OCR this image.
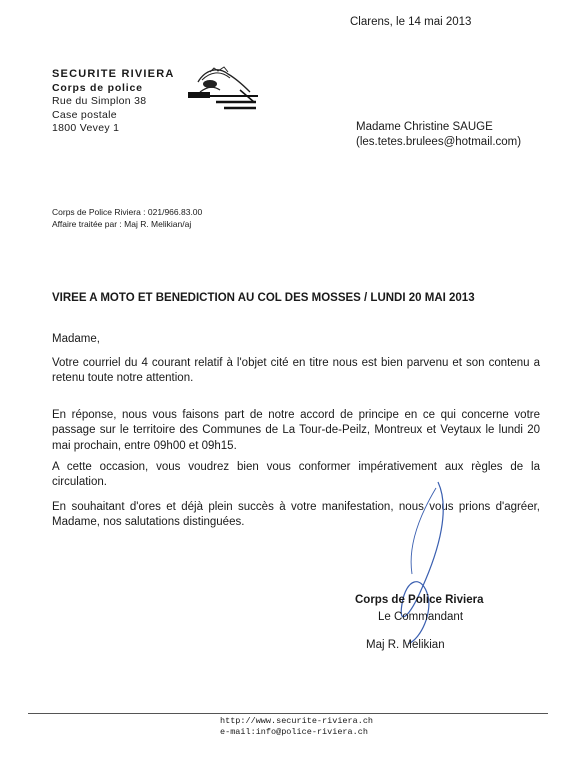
Clarens, le 14 mai 2013
SECURITE RIVIERA
Corps de police
Rue du Simplon 38
Case postale
1800 Vevey 1	Madame Christine SAUGE
(les.tetes.brulees@hotmail.com)
Corps de Police Riviera : 021/966.83.00
Affaire traitée par : Maj R. Melikian/aj
VIREE A MOTO ET BENEDICTION AU COL DES MOSSES / LUNDI 20 MAI 2013

Madame,

Votre courriel du 4 courant relatif à l'objet cité en titre nous est bien parvenu et son contenu a retenu toute notre attention.

En réponse, nous vous faisons part de notre accord de principe en ce qui concerne votre passage sur le territoire des Communes de La Tour-de-Peilz, Montreux et Veytaux le lundi 20 mai prochain, entre 09h00 et 09h15.

A cette occasion, vous voudrez bien vous conformer impérativement aux règles de la circulation.

En souhaitant d'ores et déjà plein succès à votre manifestation, nous vous prions d'agréer, Madame, nos salutations distinguées.

Corps de Police Riviera
Le Commandant
Maj R. Melikian
http://www.securite-riviera.ch
e-mail:info@police-riviera.ch
